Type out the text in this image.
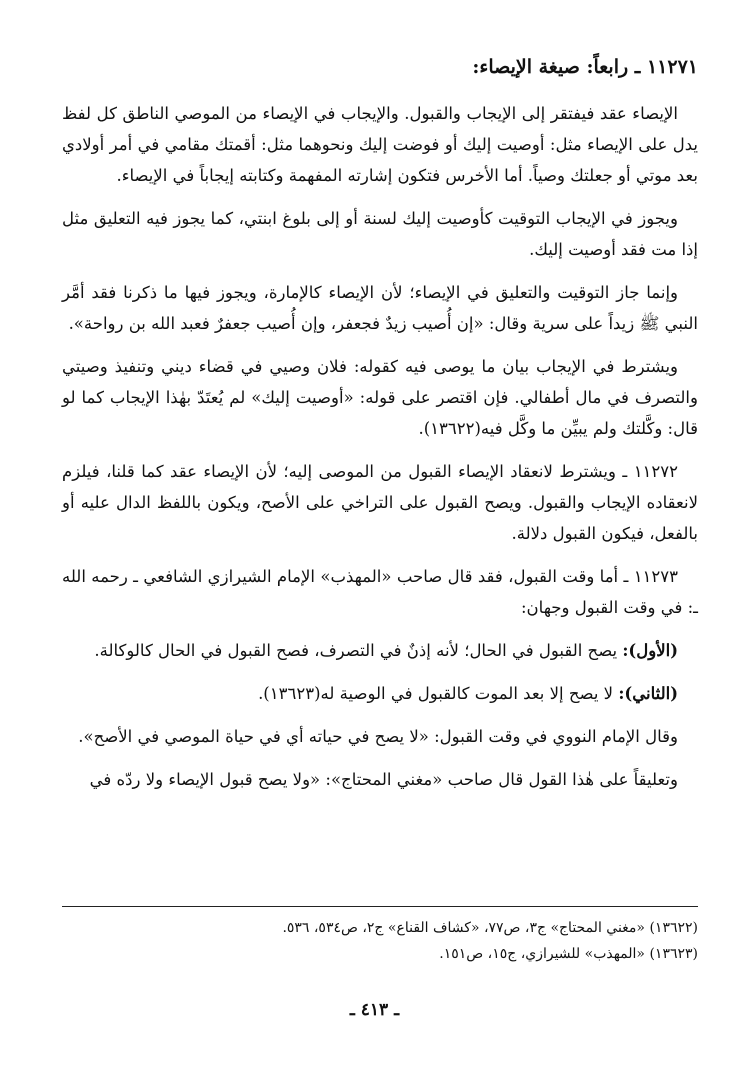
١١٢٧١ ـ رابعاً: صيغة الإيصاء:

الإيصاء عقد فيفتقر إلى الإيجاب والقبول. والإيجاب في الإيصاء من الموصي الناطق كل لفظ يدل على الإيصاء مثل: أوصيت إليك أو فوضت إليك ونحوهما مثل: أقمتك مقامي في أمر أولادي بعد موتي أو جعلتك وصياً. أما الأخرس فتكون إشارته المفهمة وكتابته إيجاباً في الإيصاء.

ويجوز في الإيجاب التوقيت كأوصيت إليك لسنة أو إلى بلوغ ابنتي، كما يجوز فيه التعليق مثل إذا مت فقد أوصيت إليك.

وإنما جاز التوقيت والتعليق في الإيصاء؛ لأن الإيصاء كالإمارة، ويجوز فيها ما ذكرنا فقد أمَّر النبي ﷺ زيداً على سرية وقال: «إن أُصيب زيدٌ فجعفر، وإن أُصيب جعفرٌ فعبد الله بن رواحة».

ويشترط في الإيجاب بيان ما يوصى فيه كقوله: فلان وصيي في قضاء ديني وتنفيذ وصيتي والتصرف في مال أطفالي. فإن اقتصر على قوله: «أوصيت إليك» لم يُعتَدّ بهٰذا الإيجاب كما لو قال: وكَّلتك ولم يبيِّن ما وكَّل فيه(١٣٦٢٢).

١١٢٧٢ ـ ويشترط لانعقاد الإيصاء القبول من الموصى إليه؛ لأن الإيصاء عقد كما قلنا، فيلزم لانعقاده الإيجاب والقبول. ويصح القبول على التراخي على الأصح، ويكون باللفظ الدال عليه أو بالفعل، فيكون القبول دلالة.

١١٢٧٣ ـ أما وقت القبول، فقد قال صاحب «المهذب» الإمام الشيرازي الشافعي ـ رحمه الله ـ: في وقت القبول وجهان:

(الأول): يصح القبول في الحال؛ لأنه إذنٌ في التصرف، فصح القبول في الحال كالوكالة.

(الثاني): لا يصح إلا بعد الموت كالقبول في الوصية له(١٣٦٢٣).

وقال الإمام النووي في وقت القبول: «لا يصح في حياته أي في حياة الموصي في الأصح».

وتعليقاً على هٰذا القول قال صاحب «مغني المحتاج»: «ولا يصح قبول الإيصاء ولا ردّه في

(١٣٦٢٢) «مغني المحتاج» ج٣، ص٧٧، «كشاف القناع» ج٢، ص٥٣٤، ٥٣٦.

(١٣٦٢٣) «المهذب» للشيرازي، ج١٥، ص١٥١.

ـ ٤١٣ ـ
